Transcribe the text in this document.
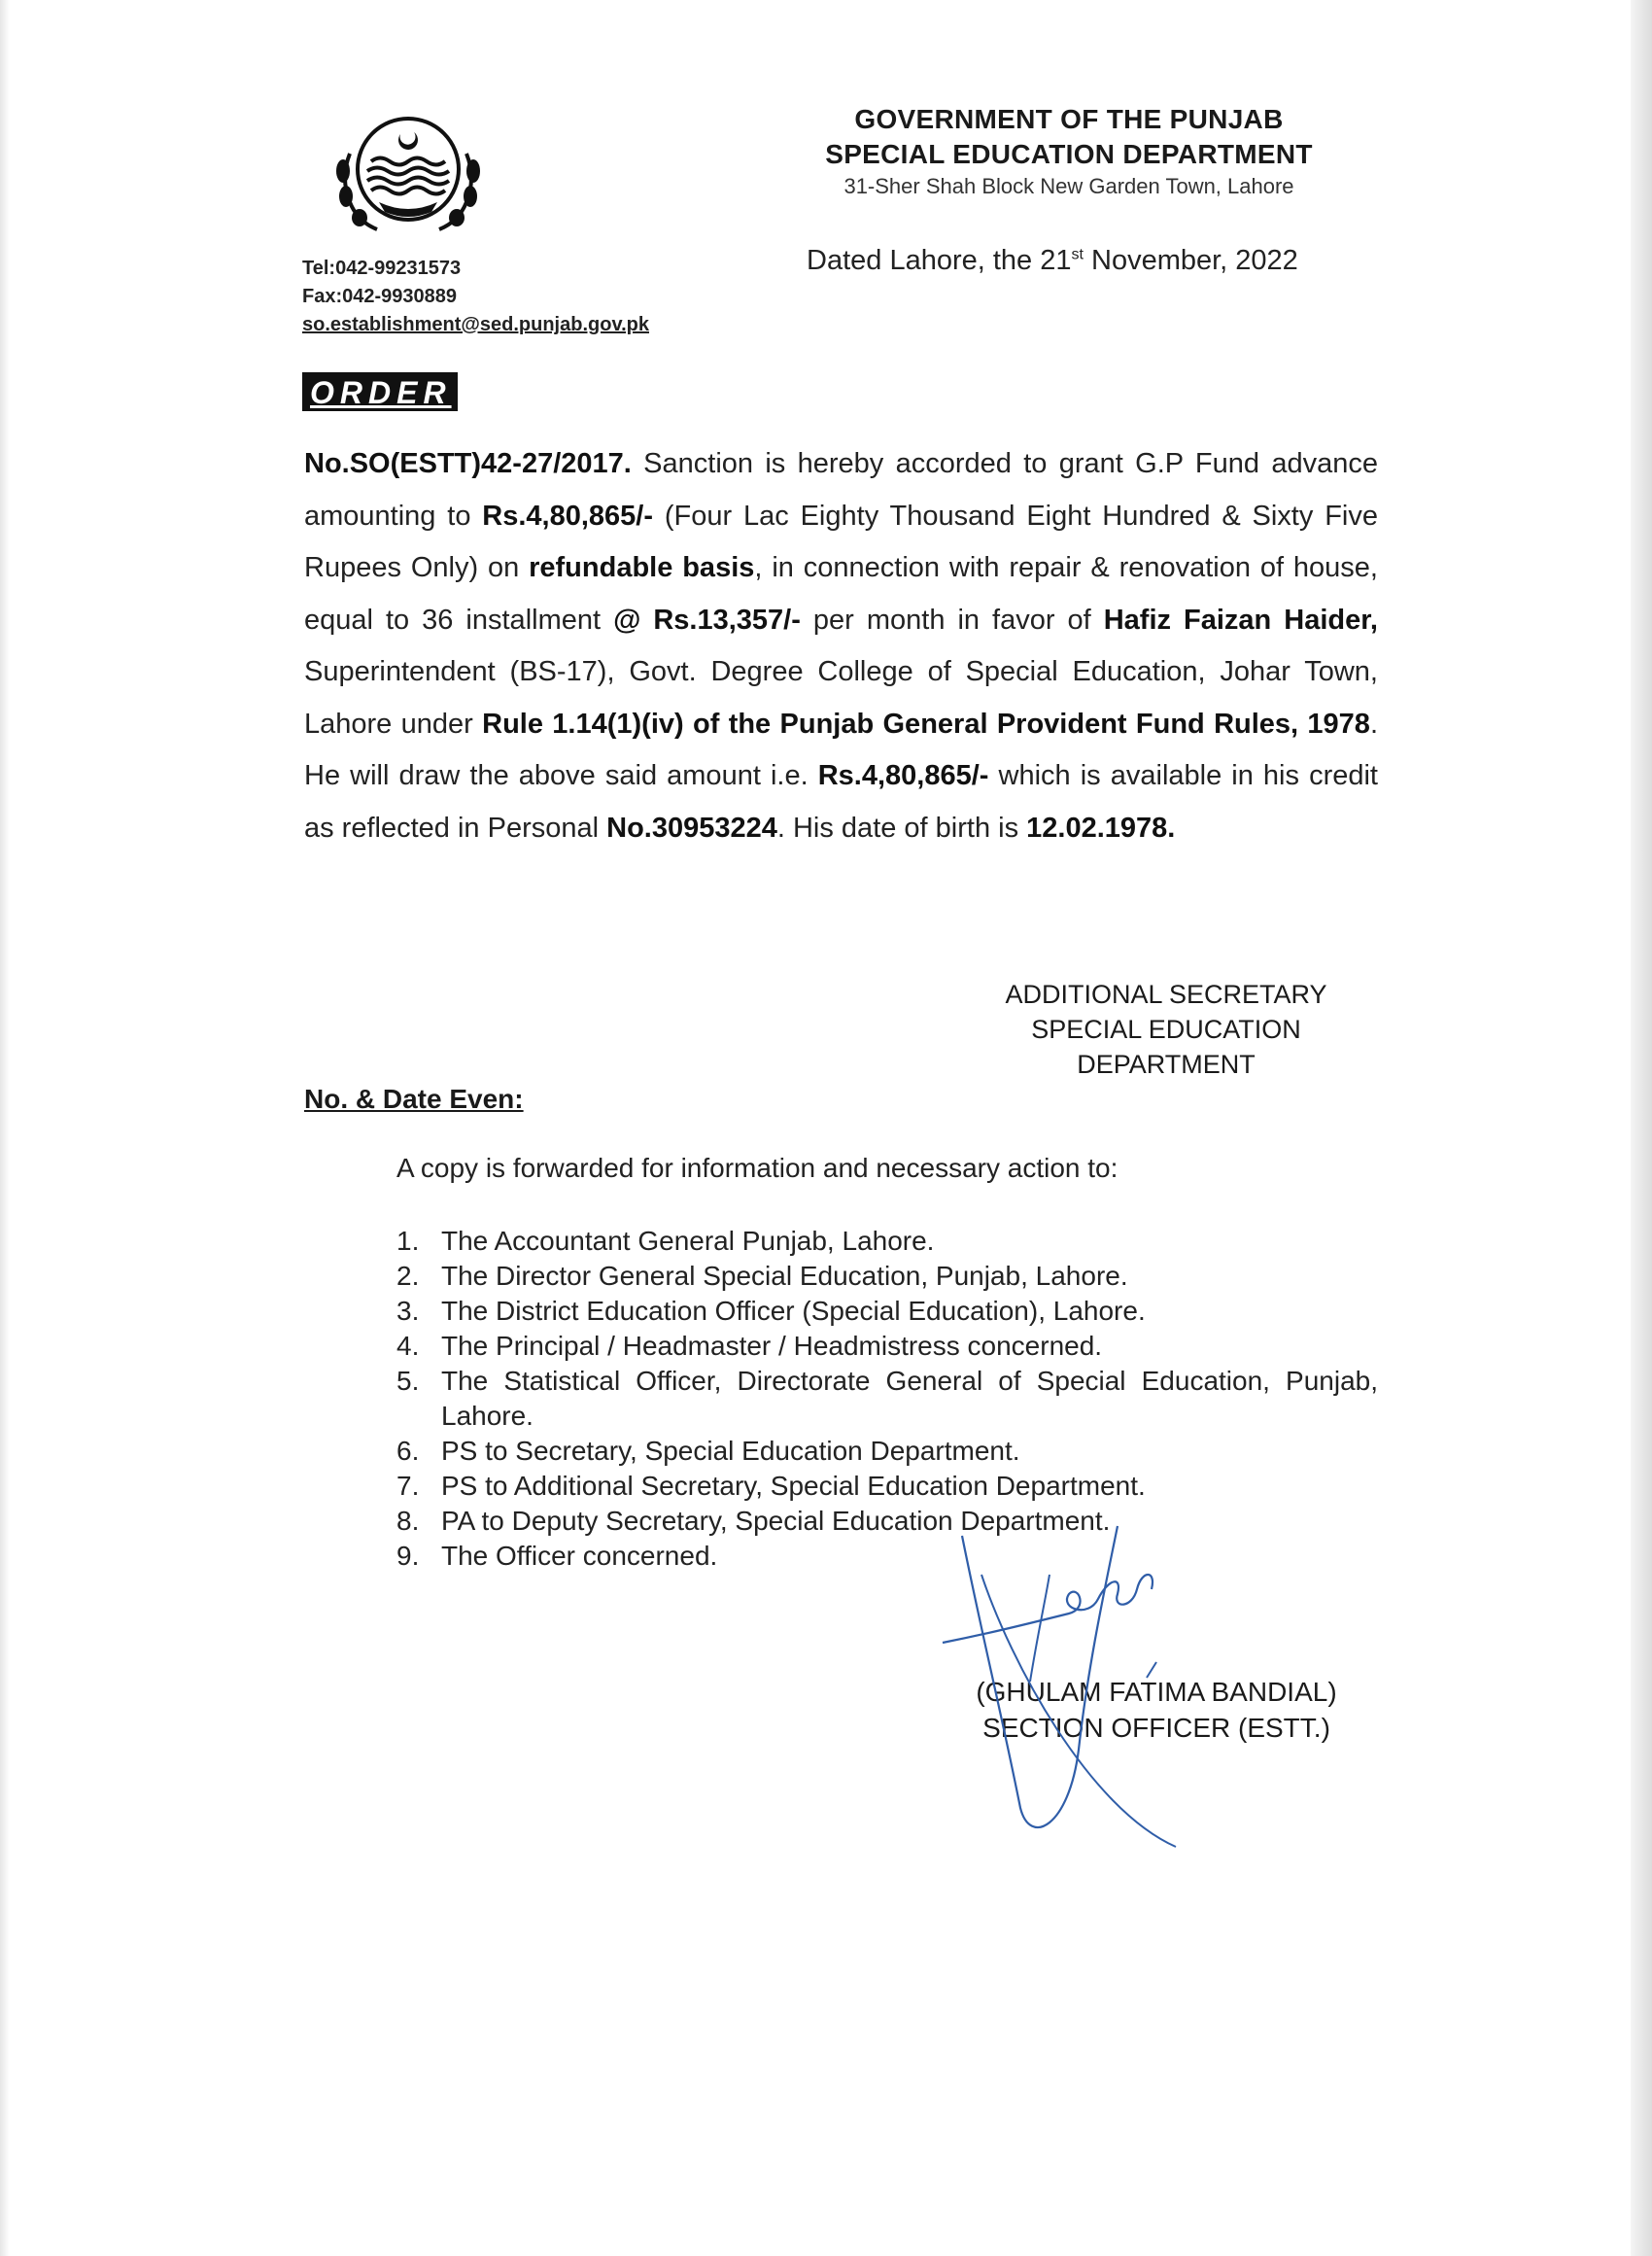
Tel:042-99231573
Fax:042-9930889
so.establishment@sed.punjab.gov.pk
GOVERNMENT OF THE PUNJAB
SPECIAL EDUCATION DEPARTMENT
31-Sher Shah Block New Garden Town, Lahore
Dated Lahore, the 21st November, 2022
ORDER
No.SO(ESTT)42-27/2017. Sanction is hereby accorded to grant G.P Fund advance amounting to Rs.4,80,865/- (Four Lac Eighty Thousand Eight Hundred & Sixty Five Rupees Only) on refundable basis, in connection with repair & renovation of house, equal to 36 installment @ Rs.13,357/- per month in favor of Hafiz Faizan Haider, Superintendent (BS-17), Govt. Degree College of Special Education, Johar Town, Lahore under Rule 1.14(1)(iv) of the Punjab General Provident Fund Rules, 1978. He will draw the above said amount i.e. Rs.4,80,865/- which is available in his credit as reflected in Personal No.30953224. His date of birth is 12.02.1978.
ADDITIONAL SECRETARY
SPECIAL EDUCATION
DEPARTMENT
No. & Date Even:
A copy is forwarded for information and necessary action to:
1. The Accountant General Punjab, Lahore.
2. The Director General Special Education, Punjab, Lahore.
3. The District Education Officer (Special Education), Lahore.
4. The Principal / Headmaster / Headmistress concerned.
5. The Statistical Officer, Directorate General of Special Education, Punjab, Lahore.
6. PS to Secretary, Special Education Department.
7. PS to Additional Secretary, Special Education Department.
8. PA to Deputy Secretary, Special Education Department.
9. The Officer concerned.
(GHULAM FATIMA BANDIAL)
SECTION OFFICER (ESTT.)
